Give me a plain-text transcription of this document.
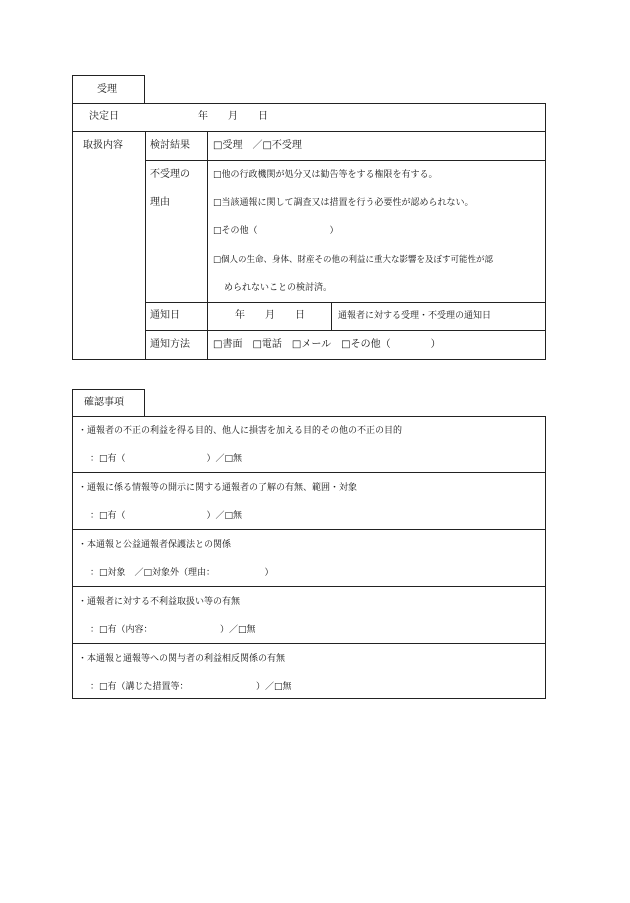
受理
決定日	年　　月　　日
取扱内容	検討結果 □受理　／□不受理
不受理の
理由
□他の行政機関が処分又は勧告等をする権限を有する。
□当該通報に関して調査又は措置を行う必要性が認められない。
□その他（　　　　　　　　）
□個人の生命、身体、財産その他の利益に重大な影響を及ぼす可能性が認
められないことの検討済。
通知日	年　　月　　日	通報者に対する受理・不受理の通知日
通知方法 □書面　□電話　□メール　□その他（　　　　）
確認事項
・通報者の不正の利益を得る目的、他人に損害を加える目的その他の不正の目的
：□有（　　　　　　　　　）／□無
・通報に係る情報等の開示に関する通報者の了解の有無、範囲・対象
：□有（　　　　　　　　　）／□無
・本通報と公益通報者保護法との関係
：□対象　／□対象外（理由：　　　　　　）
・通報者に対する不利益取扱い等の有無
：□有（内容：　　　　　　　　）／□無
・本通報と通報等への関与者の利益相反関係の有無
：□有（講じた措置等：　　　　　　　　）／□無
